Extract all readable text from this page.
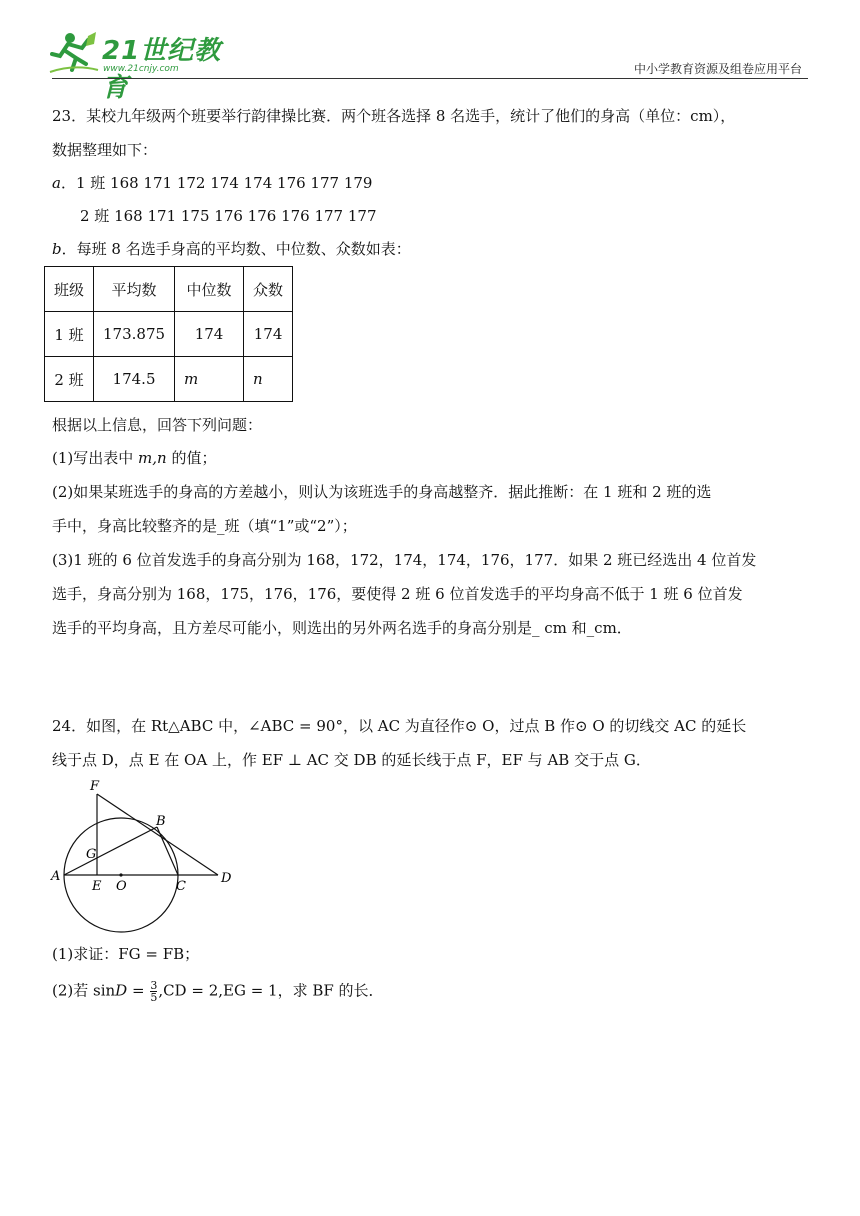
21世纪教育
www.21cnjy.com	中小学教育资源及组卷应用平台
23．某校九年级两个班要举行韵律操比赛．两个班各选择 8 名选手，统计了他们的身高（单位：cm），
数据整理如下：
a．1 班 168 171 172 174 174 176 177 179
2 班 168 171 175 176 176 176 177 177
b．每班 8 名选手身高的平均数、中位数、众数如表：
班级	平均数	中位数	众数
1 班	173.875	174	174
2 班	174.5	m	n
根据以上信息，回答下列问题：
(1)写出表中 m,n 的值；
(2)如果某班选手的身高的方差越小，则认为该班选手的身高越整齐．据此推断：在 1 班和 2 班的选
手中，身高比较整齐的是_班（填“1”或“2”）；
(3)1 班的 6 位首发选手的身高分别为 168，172，174，174，176，177．如果 2 班已经选出 4 位首发
选手，身高分别为 168，175，176，176，要使得 2 班 6 位首发选手的平均身高不低于 1 班 6 位首发
选手的平均身高，且方差尽可能小，则选出的另外两名选手的身高分别是_ cm 和_cm．
24．如图，在 Rt△ABC 中，∠ABC = 90°，以 AC 为直径作⊙ O，过点 B 作⊙ O 的切线交 AC 的延长
线于点 D，点 E 在 OA 上，作 EF ⊥ AC 交 DB 的延长线于点 F，EF 与 AB 交于点 G．
F
B
G
A
E O	C
D
(1)求证：FG = FB；
(2)若 $\sin D = \frac{3}{5} ,CD = 2,EG = 1$，求 BF 的长．
